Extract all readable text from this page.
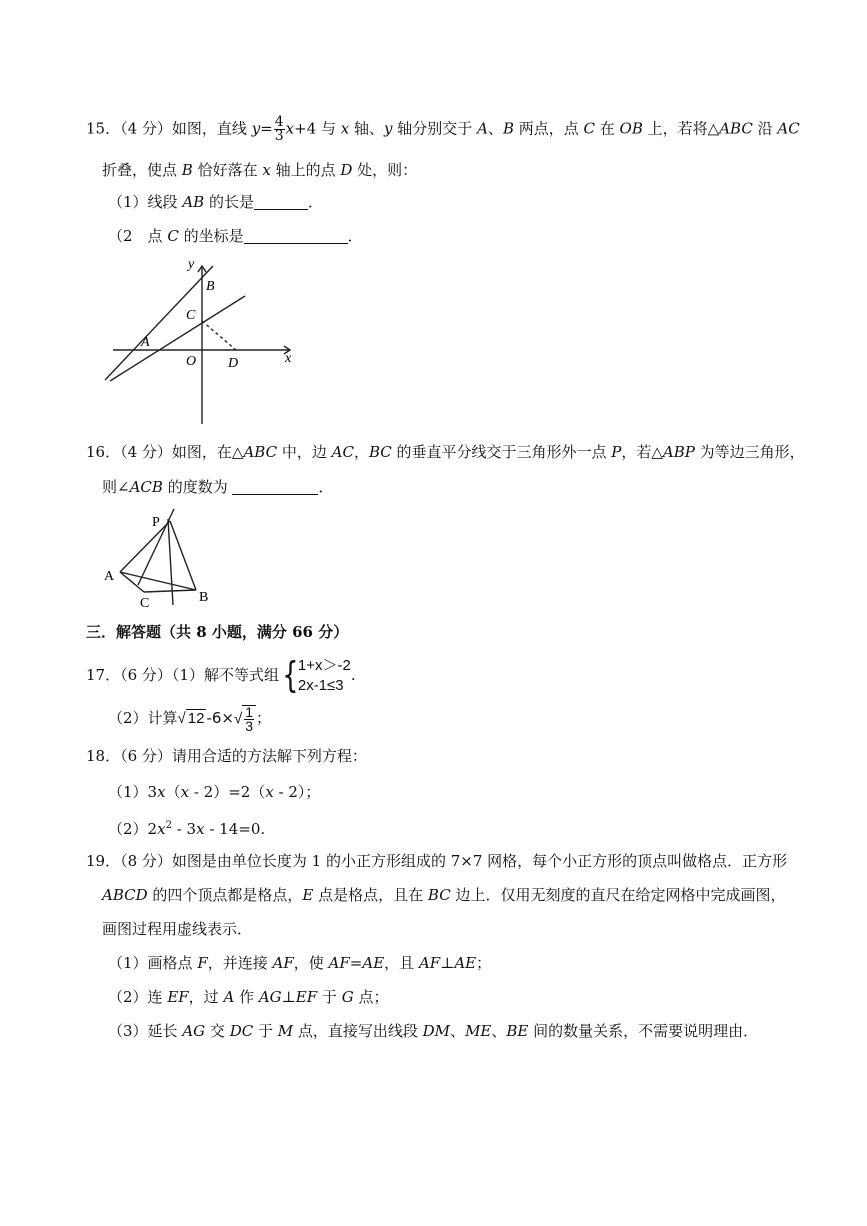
15．（4 分）如图，直线 $y= \frac{4}{3} x+4$ 与 x 轴、y 轴分别交于 A、B 两点，点 C 在 OB 上，若将△ABC 沿 AC
折叠，使点 B 恰好落在 x 轴上的点 D 处，则：
（1）线段 AB 的长是	．
（2　点 C 的坐标是	．
y
x
A
B
C
O D
16．（4 分）如图，在△ABC 中，边 AC，BC 的垂直平分线交于三角形外一点 P，若△ABP 为等边三角形，
则∠ACB 的度数为	．
P
A
C	B
三．解答题（共 8 小题，满分 66 分）
17．（6 分）（1）解不等式组{ 1+x＞-2
2x-1≤3
.
（2）计算√ 12 $-6\times√ \frac{1}{3}$ ；
18．（6 分）请用合适的方法解下列方程：
（1）3x（x - 2）=2（x - 2）；
$(2)2x^2 - 3x - 14=0$.
19．（8 分）如图是由单位长度为 1 的小正方形组成的 7×7 网格，每个小正方形的顶点叫做格点．正方形
ABCD 的四个顶点都是格点，E 点是格点，且在 BC 边上．仅用无刻度的直尺在给定网格中完成画图，
画图过程用虚线表示．
（1）画格点 F，并连接 AF，使 AF=AE，且 AF⊥AE；
（2）连 EF，过 A 作 AG⊥EF 于 G 点；
（3）延长 AG 交 DC 于 M 点，直接写出线段 DM、ME、BE 间的数量关系，不需要说明理由．
